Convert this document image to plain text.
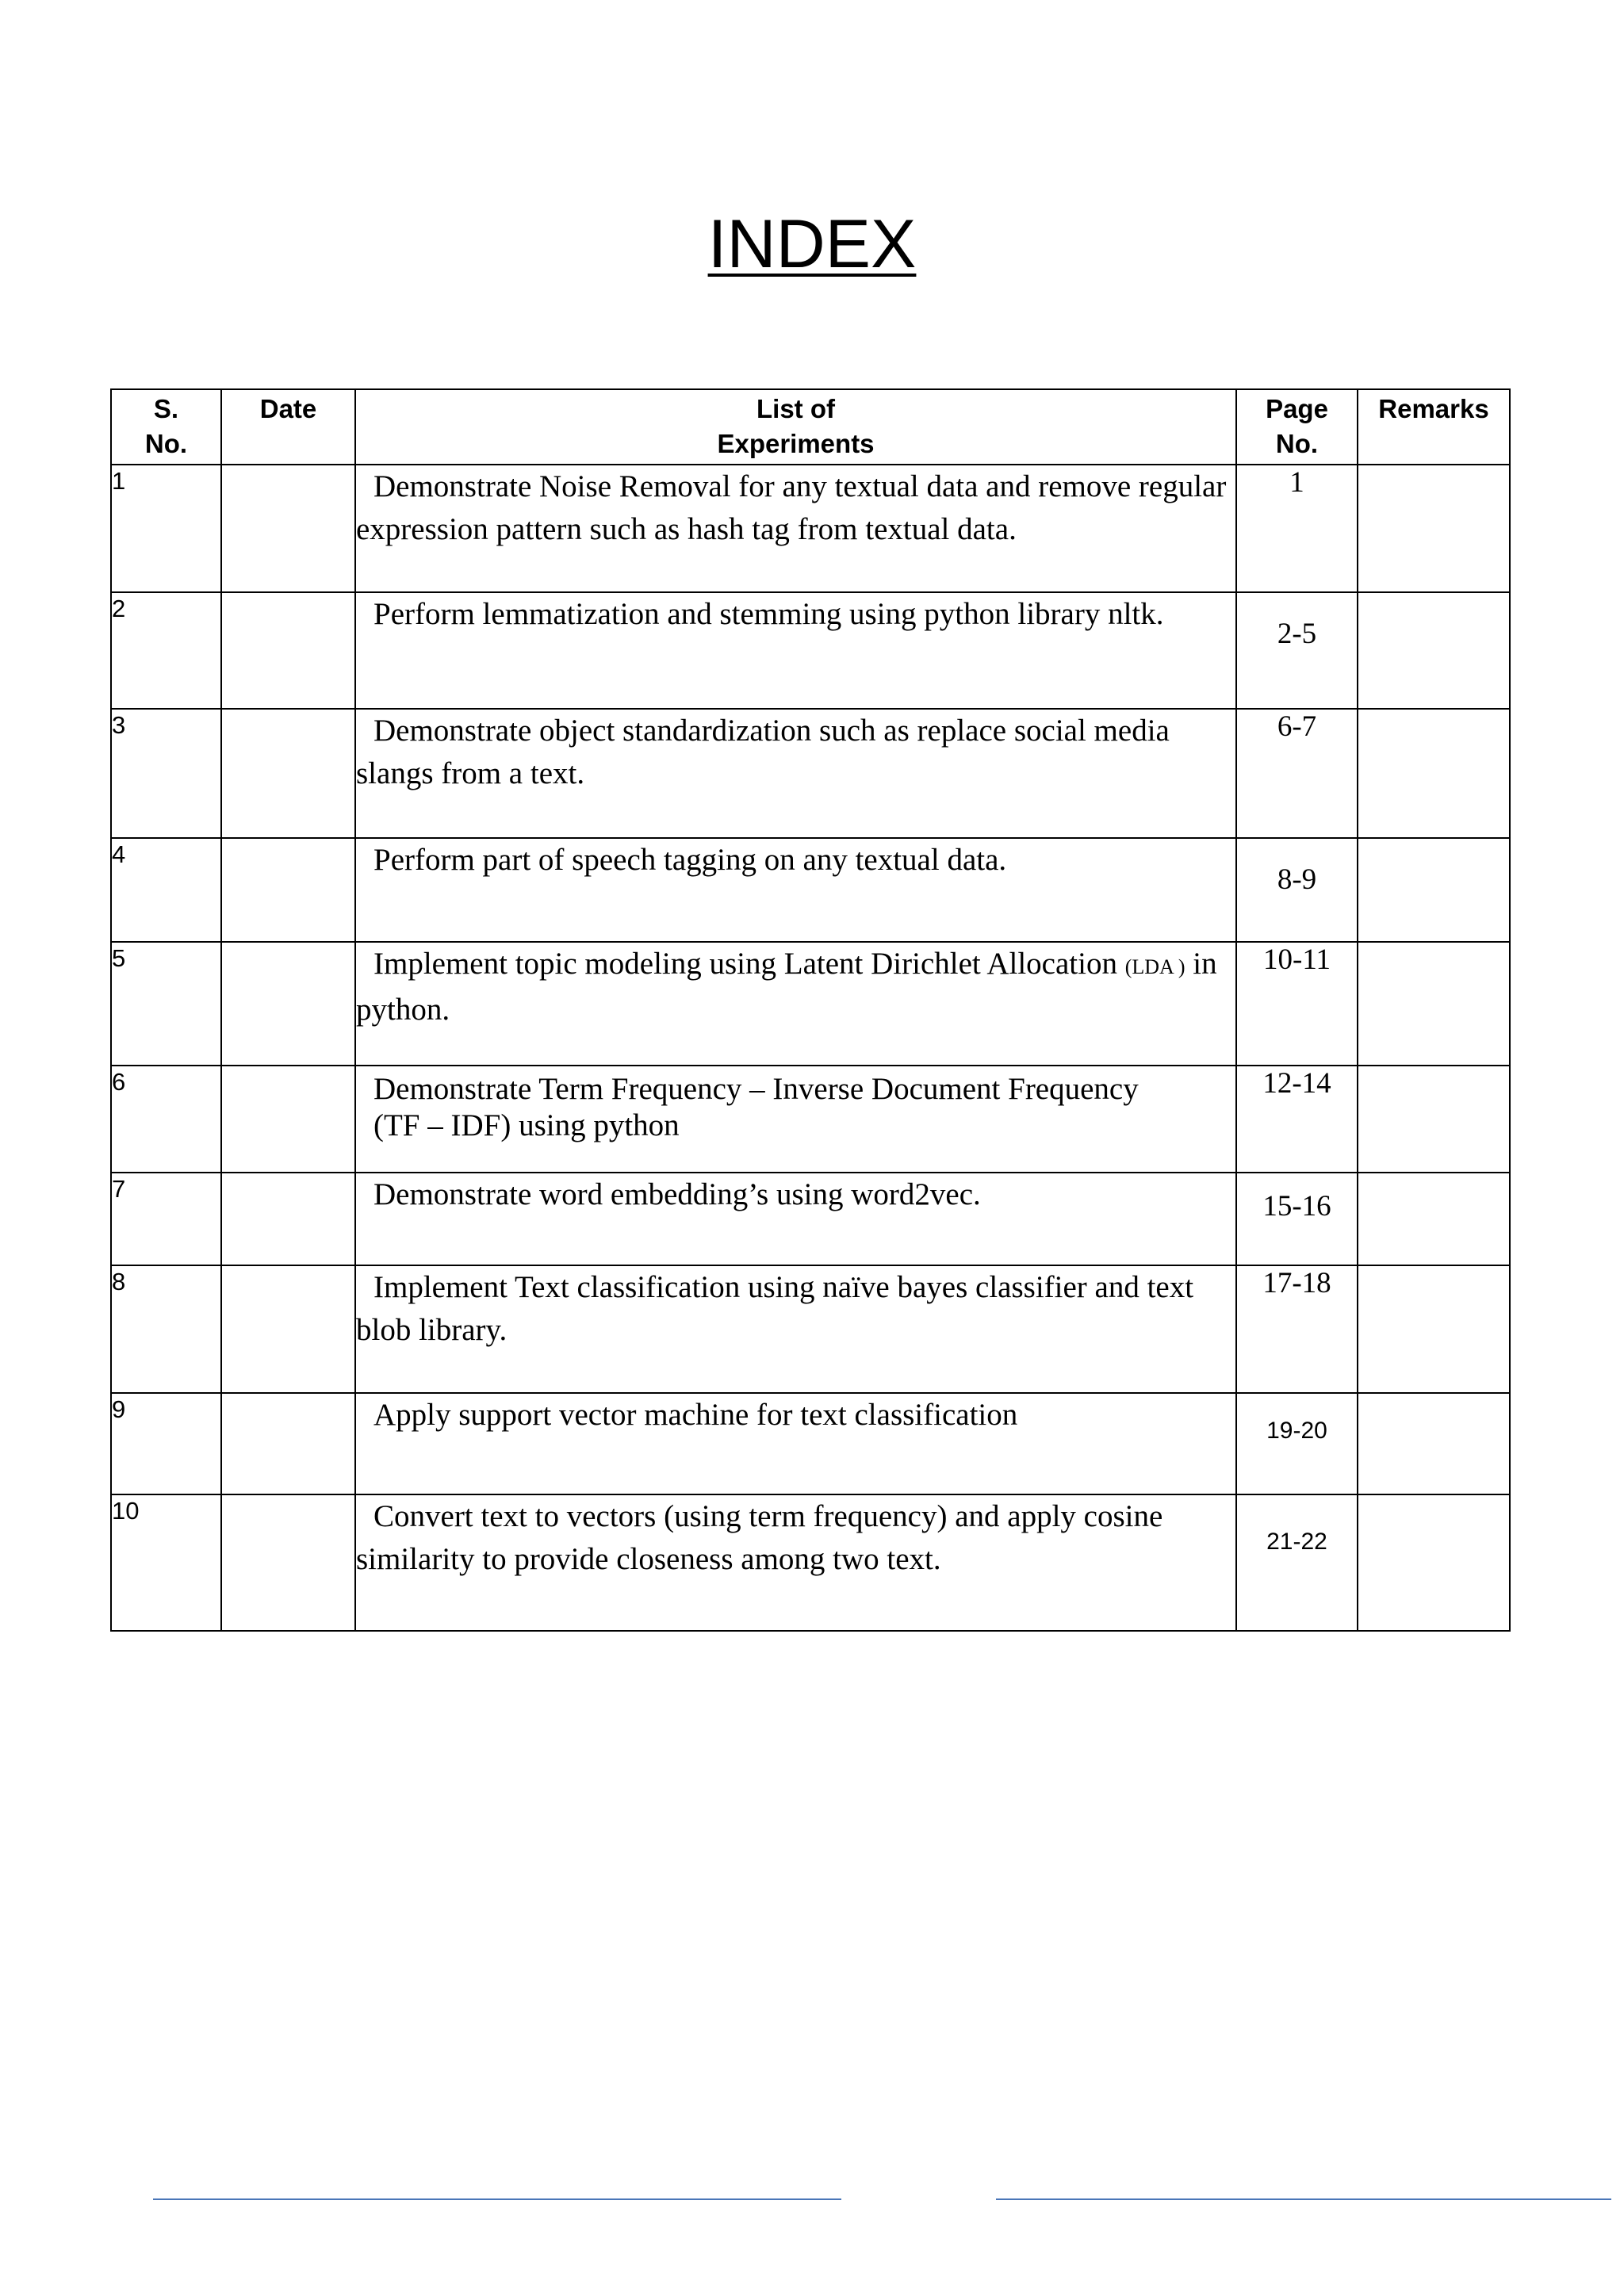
INDEX
S. No.	Date	List of Experiments	Page No.	Remarks
1		Demonstrate Noise Removal for any textual data and remove regular expression pattern such as hash tag from textual data.	1	
2		Perform lemmatization and stemming using python library nltk.	2-5	
3		Demonstrate object standardization such as replace social media slangs from a text.	6-7	
4		Perform part of speech tagging on any textual data.	8-9	
5		Implement topic modeling using Latent Dirichlet Allocation (LDA ) in python.	10-11	
6		Demonstrate Term Frequency – Inverse Document Frequency
(TF – IDF) using python	12-14	
7		Demonstrate word embedding’s using word2vec.	15-16	
8		Implement Text classification using naïve bayes classifier and text blob library.	17-18	
9		Apply support vector machine for text classification	19-20	
10		Convert text to vectors (using term frequency) and apply cosine similarity to provide closeness among two text.	21-22	
